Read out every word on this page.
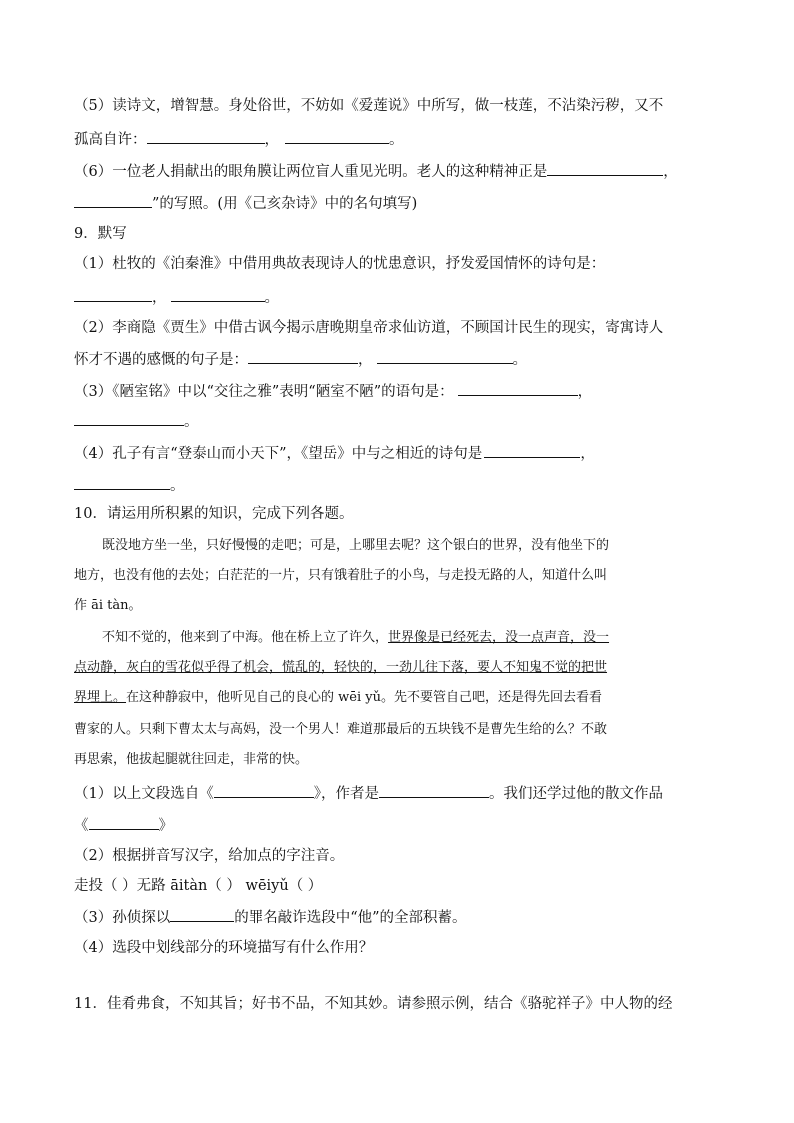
（5）读诗文，增智慧。身处俗世，不妨如《爱莲说》中所写，做一枝莲，不沾染污秽，又不
孤高自许：	，	。
（6）一位老人捐献出的眼角膜让两位盲人重见光明。老人的这种精神正是	，
”的写照。(用《己亥杂诗》中的名句填写)
9．默写
（1）杜牧的《泊秦淮》中借用典故表现诗人的忧患意识，抒发爱国情怀的诗句是：
，	。
（2）李商隐《贾生》中借古讽今揭示唐晚期皇帝求仙访道，不顾国计民生的现实，寄寓诗人
怀才不遇的感慨的句子是：	，	。
（3）《陋室铭》中以“交往之雅”表明“陋室不陋”的语句是：	，
。
（4）孔子有言“登泰山而小天下”，《望岳》中与之相近的诗句是	，
。
10．请运用所积累的知识，完成下列各题。
既没地方坐一坐，只好慢慢的走吧；可是，上哪里去呢？这个银白的世界，没有他坐下的
地方，也没有他的去处；白茫茫的一片，只有饿着肚子的小鸟，与走投无路的人，知道什么叫
作 āi tàn。
不知不觉的，他来到了中海。他在桥上立了许久，世界像是已经死去，没一点声音，没一
点动静，灰白的雪花似乎得了机会，慌乱的，轻快的，一劲儿往下落，要人不知鬼不觉的把世
界埋上。在这种静寂中，他听见自己的良心的 wēi yǔ。先不要管自己吧，还是得先回去看看
曹家的人。只剩下曹太太与高妈，没一个男人！难道那最后的五块钱不是曹先生给的么？不敢
再思索，他拔起腿就往回走，非常的快。
（1）以上文段选自《	》，作者是	。我们还学过他的散文作品
《	》
（2）根据拼音写汉字，给加点的字注音。
走投（ ）无路 āitàn（ ） wēiyǔ（ ）
（3）孙侦探以	的罪名敲诈选段中“他”的全部积蓄。
（4）选段中划线部分的环境描写有什么作用？
11．佳肴弗食，不知其旨；好书不品，不知其妙。请参照示例，结合《骆驼祥子》中人物的经
